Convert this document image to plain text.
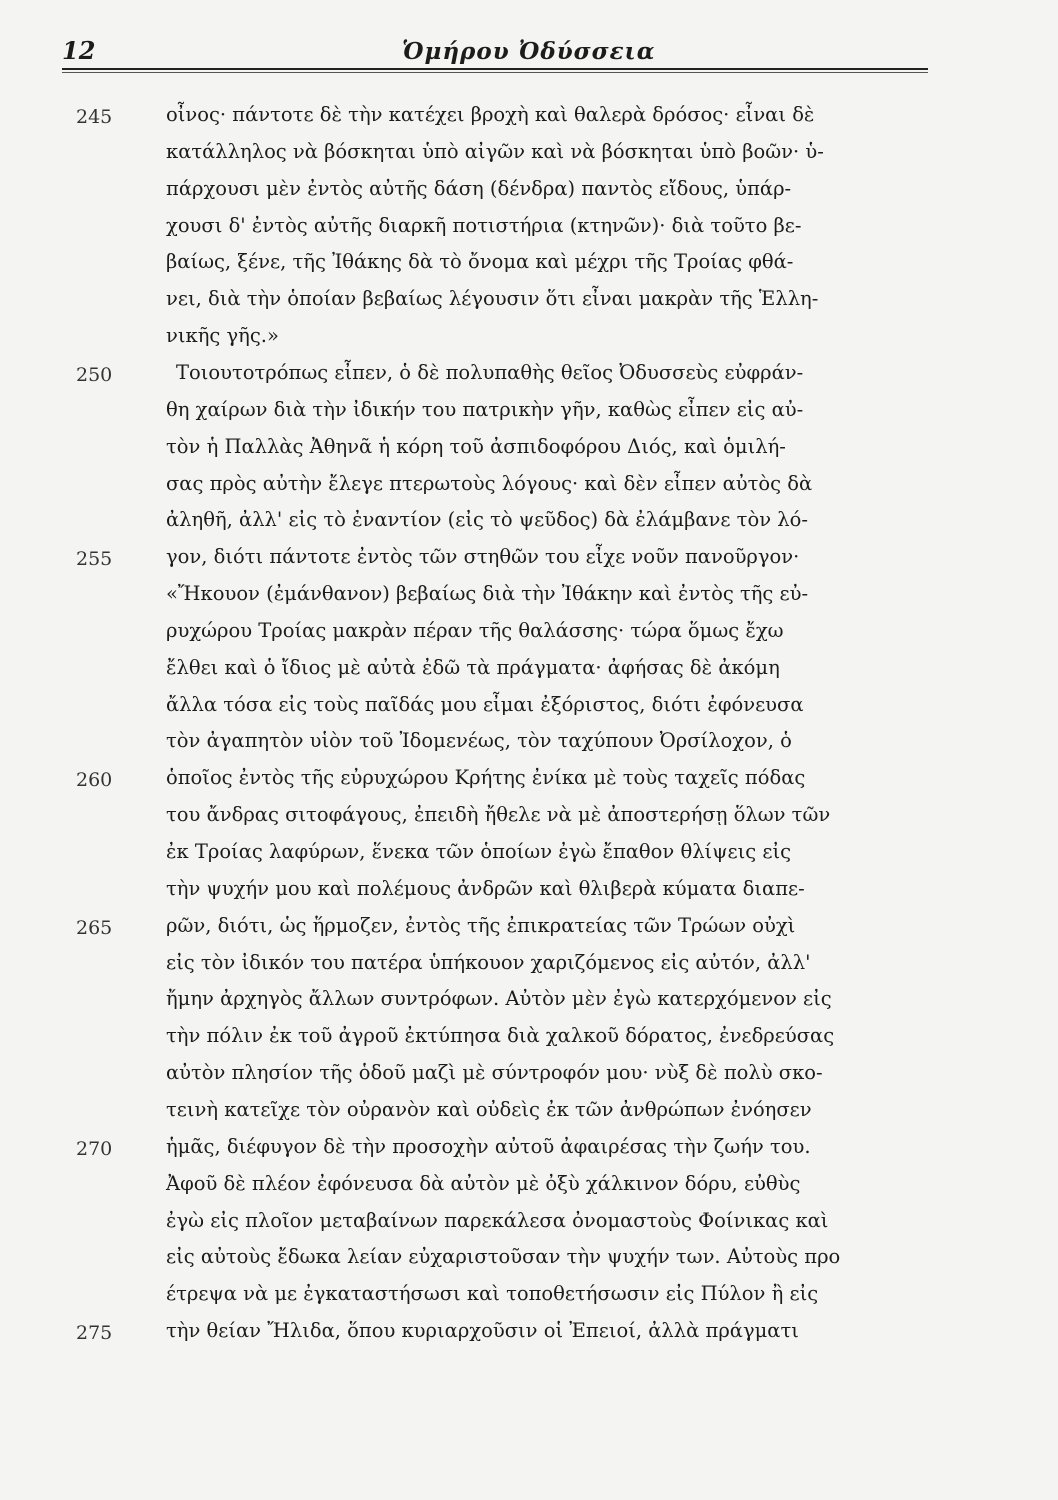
12	Ὁμήρου Ὀδύσσεια
οἶνος· πάντοτε δὲ τὴν κατέχει βροχὴ καὶ θαλερὰ δρόσος· εἶναι δὲ
245
κατάλληλος νὰ βόσκηται ὑπὸ αἰγῶν καὶ νὰ βόσκηται ὑπὸ βοῶν· ὑ-
πάρχουσι μὲν ἐντὸς αὐτῆς δάση (δένδρα) παντὸς εἴδους, ὑπάρ-
χουσι δ' ἐντὸς αὐτῆς διαρκῆ ποτιστήρια (κτηνῶν)· διὰ τοῦτο βε-
βαίως, ξένε, τῆς Ἰθάκης δὰ τὸ ὄνομα καὶ μέχρι τῆς Τροίας φθά-
νει, διὰ τὴν ὁποίαν βεβαίως λέγουσιν ὅτι εἶναι μακρὰν τῆς Ἑλλη-
νικῆς γῆς.»
Τοιουτοτρόπως εἶπεν, ὁ δὲ πολυπαθὴς θεῖος Ὀδυσσεὺς εὐφράν-
250
θη χαίρων διὰ τὴν ἰδικήν του πατρικὴν γῆν, καθὼς εἶπεν εἰς αὐ-
τὸν ἡ Παλλὰς Ἀθηνᾶ ἡ κόρη τοῦ ἀσπιδοφόρου Διός, καὶ ὁμιλή-
σας πρὸς αὐτὴν ἔλεγε πτερωτοὺς λόγους· καὶ δὲν εἶπεν αὐτὸς δὰ
ἀληθῆ, ἀλλ' εἰς τὸ ἐναντίον (εἰς τὸ ψεῦδος) δὰ ἐλάμβανε τὸν λό-
γον, διότι πάντοτε ἐντὸς τῶν στηθῶν του εἶχε νοῦν πανοῦργον·
255
«Ἤκουον (ἐμάνθανον) βεβαίως διὰ τὴν Ἰθάκην καὶ ἐντὸς τῆς εὐ-
ρυχώρου Τροίας μακρὰν πέραν τῆς θαλάσσης· τώρα ὅμως ἔχω
ἔλθει καὶ ὁ ἴδιος μὲ αὐτὰ ἐδῶ τὰ πράγματα· ἀφήσας δὲ ἀκόμη
ἄλλα τόσα εἰς τοὺς παῖδάς μου εἶμαι ἐξόριστος, διότι ἐφόνευσα
τὸν ἀγαπητὸν υἱὸν τοῦ Ἰδομενέως, τὸν ταχύπουν Ὀρσίλοχον, ὁ
ὁποῖος ἐντὸς τῆς εὐρυχώρου Κρήτης ἐνίκα μὲ τοὺς ταχεῖς πόδας
260
του ἄνδρας σιτοφάγους, ἐπειδὴ ἤθελε νὰ μὲ ἀποστερήσῃ ὅλων τῶν
ἐκ Τροίας λαφύρων, ἕνεκα τῶν ὁποίων ἐγὼ ἔπαθον θλίψεις εἰς
τὴν ψυχήν μου καὶ πολέμους ἀνδρῶν καὶ θλιβερὰ κύματα διαπε-
ρῶν, διότι, ὡς ἥρμοζεν, ἐντὸς τῆς ἐπικρατείας τῶν Τρώων οὐχὶ
265
εἰς τὸν ἰδικόν του πατέρα ὑπήκουον χαριζόμενος εἰς αὐτόν, ἀλλ'
ἤμην ἀρχηγὸς ἄλλων συντρόφων. Αὐτὸν μὲν ἐγὼ κατερχόμενον εἰς
τὴν πόλιν ἐκ τοῦ ἀγροῦ ἐκτύπησα διὰ χαλκοῦ δόρατος, ἐνεδρεύσας
αὐτὸν πλησίον τῆς ὁδοῦ μαζὶ μὲ σύντροφόν μου· νὺξ δὲ πολὺ σκο-
τεινὴ κατεῖχε τὸν οὐρανὸν καὶ οὐδεὶς ἐκ τῶν ἀνθρώπων ἐνόησεν
ἡμᾶς, διέφυγον δὲ τὴν προσοχὴν αὐτοῦ ἀφαιρέσας τὴν ζωήν του.
270
Ἀφοῦ δὲ πλέον ἐφόνευσα δὰ αὐτὸν μὲ ὀξὺ χάλκινον δόρυ, εὐθὺς
ἐγὼ εἰς πλοῖον μεταβαίνων παρεκάλεσα ὀνομαστοὺς Φοίνικας καὶ
εἰς αὐτοὺς ἔδωκα λείαν εὐχαριστοῦσαν τὴν ψυχήν των. Αὐτοὺς προ
έτρεψα νὰ με ἐγκαταστήσωσι καὶ τοποθετήσωσιν εἰς Πύλον ἢ εἰς
τὴν θείαν Ἤλιδα, ὅπου κυριαρχοῦσιν οἱ Ἐπειοί, ἀλλὰ πράγματι
275
